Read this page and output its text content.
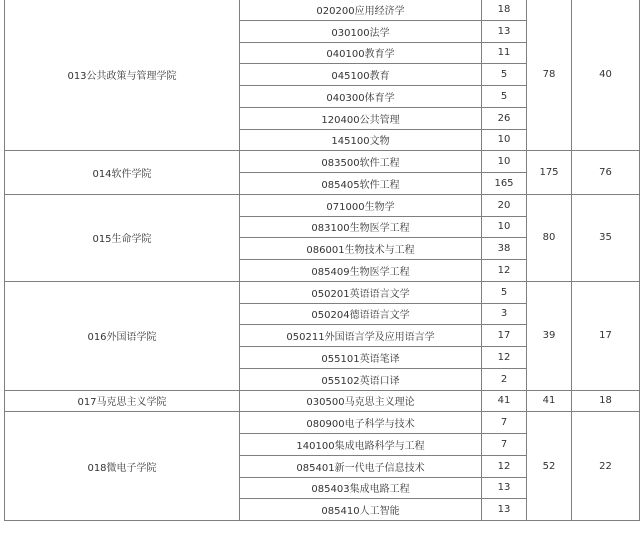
013公共政策与管理学院	020200应用经济学	18	78	40
	030100法学	13		
	040100教育学	11		
	045100教育	5		
	040300体育学	5		
	120400公共管理	26		
	145100文物	10		
014软件学院	083500软件工程	10	175	76
	085405软件工程	165		
015生命学院	071000生物学	20	80	35
	083100生物医学工程	10		
	086001生物技术与工程	38		
	085409生物医学工程	12		
016外国语学院	050201英语语言文学	5	39	17
	050204德语语言文学	3		
	050211外国语言学及应用语言学	17		
	055101英语笔译	12		
	055102英语口译	2		
017马克思主义学院	030500马克思主义理论	41	41	18
018微电子学院	080900电子科学与技术	7	52	22
	140100集成电路科学与工程	7		
	085401新一代电子信息技术	12		
	085403集成电路工程	13		
	085410人工智能	13		
